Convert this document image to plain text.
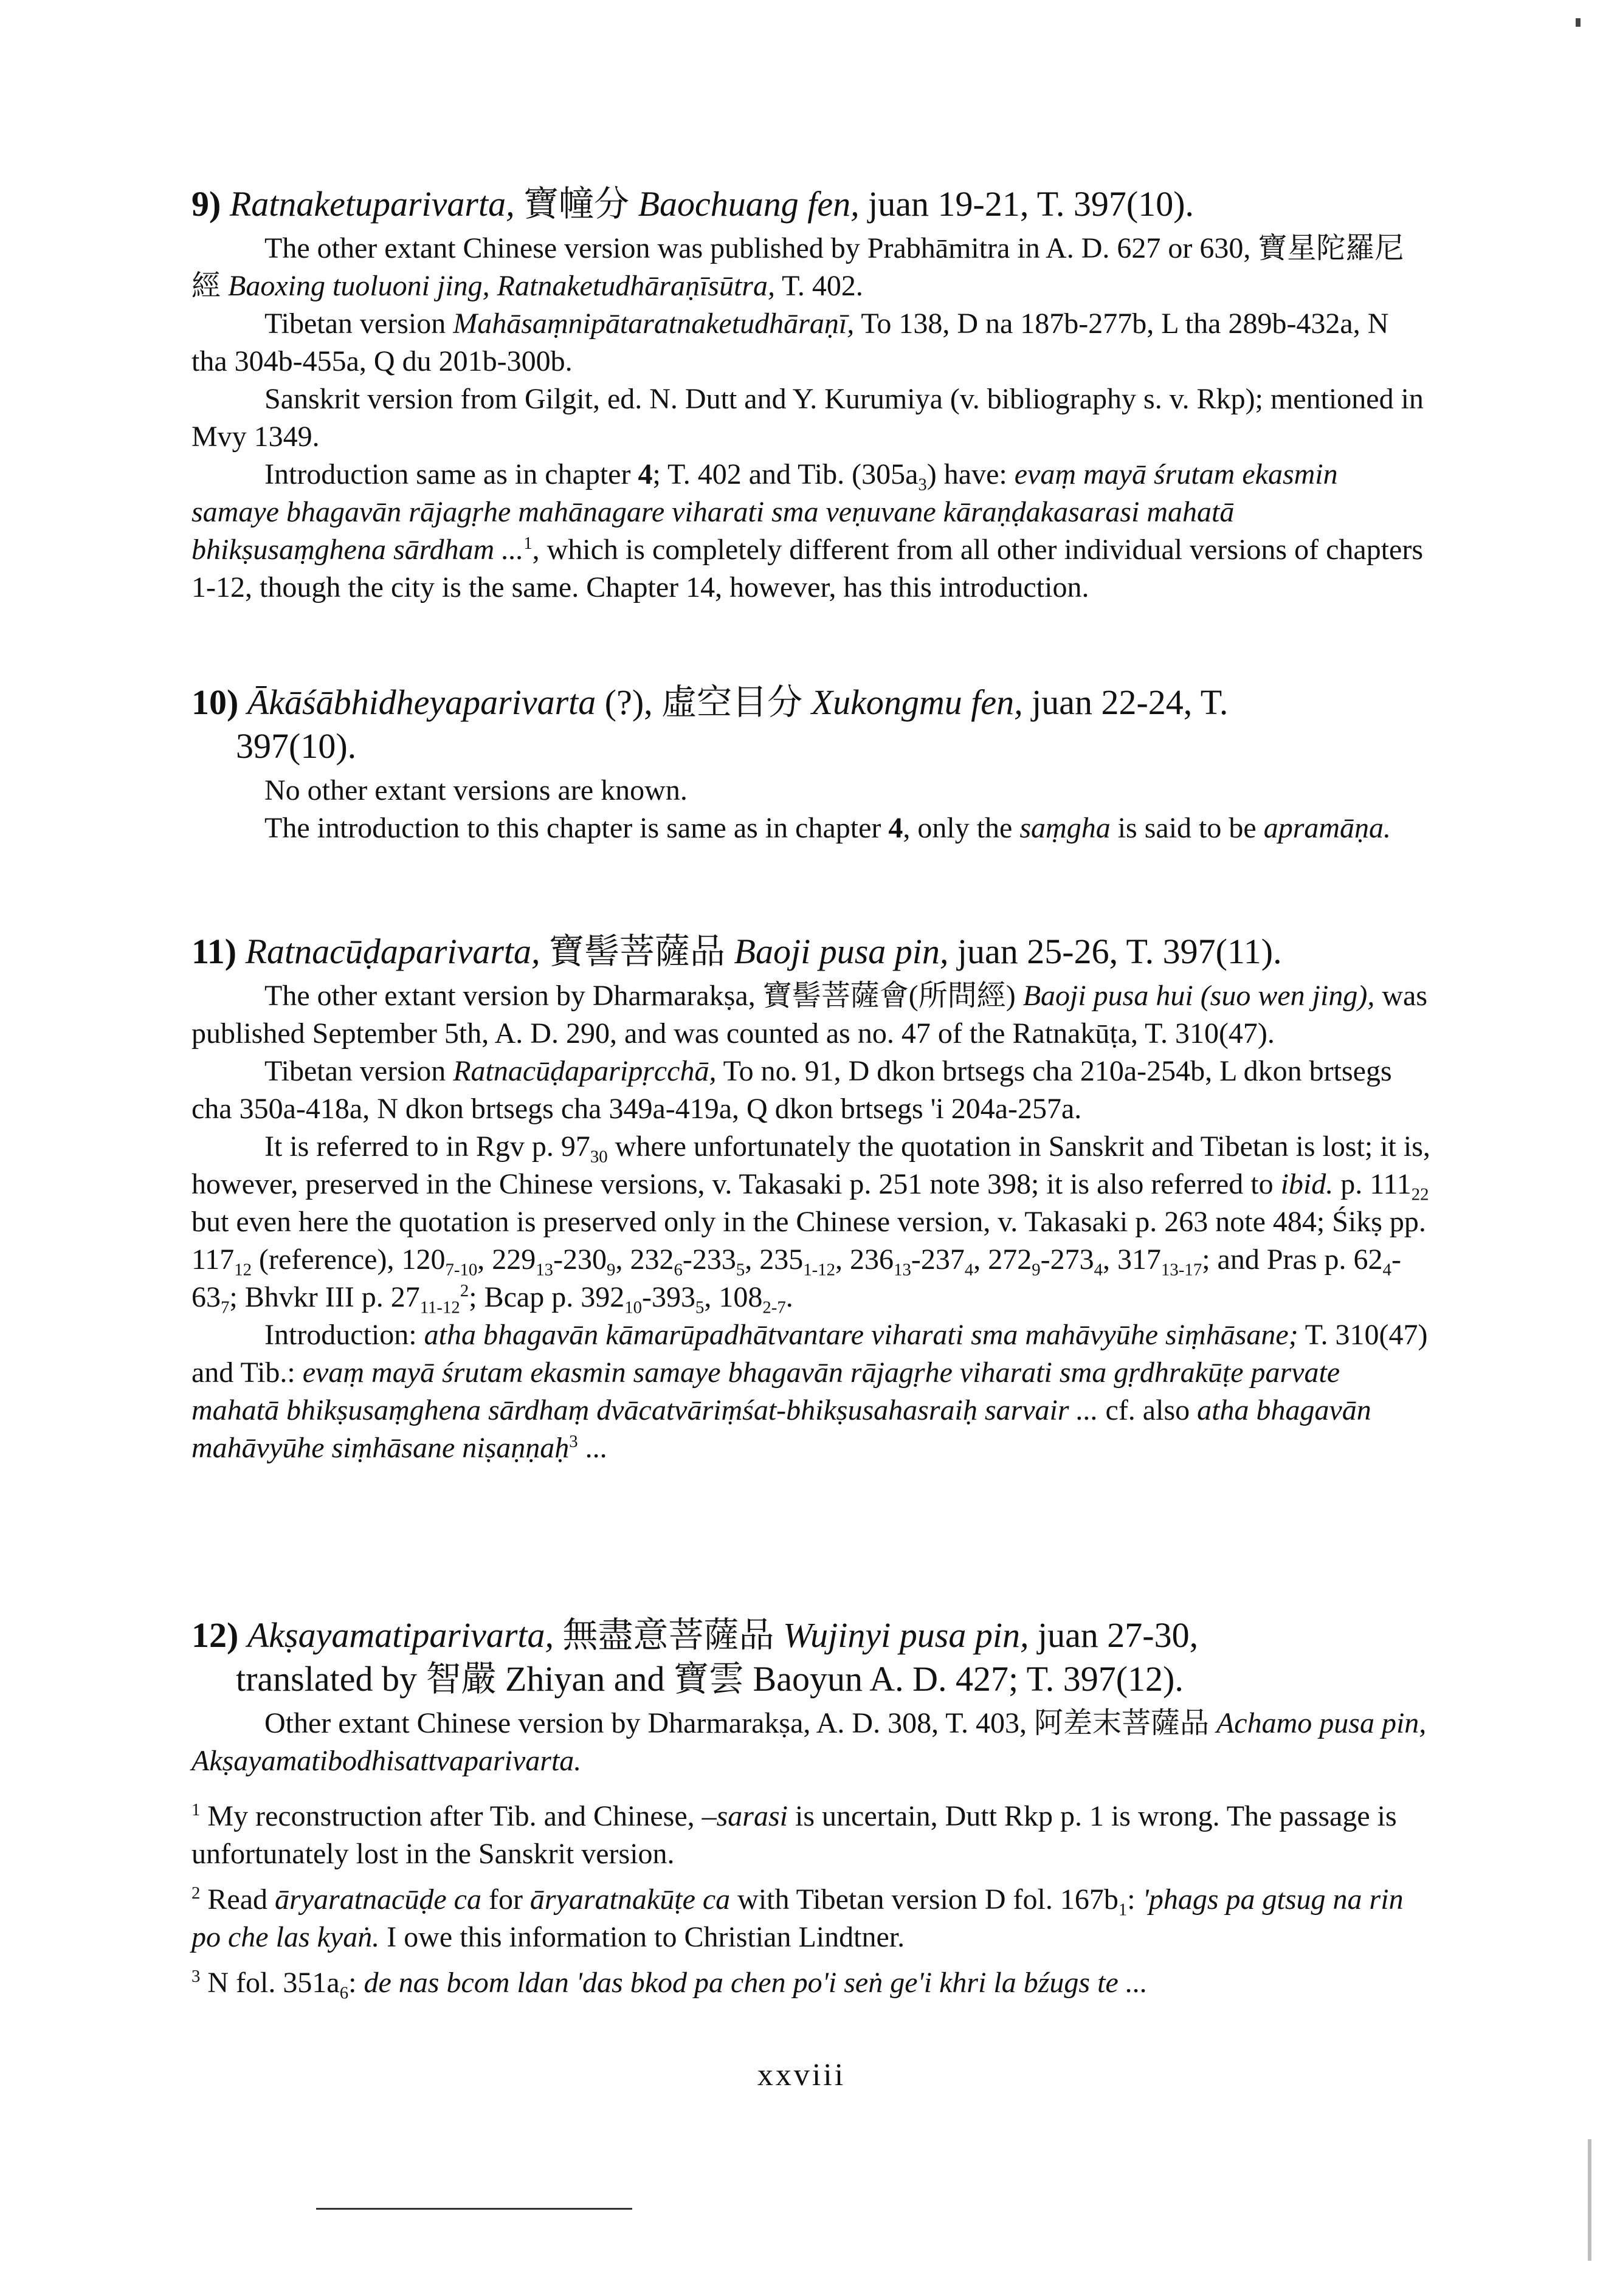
9) Ratnaketuparivarta, 寶幢分 Baochuang fen, juan 19-21, T. 397(10).

The other extant Chinese version was published by Prabhāmitra in A. D. 627 or 630, 寶星陀羅尼經 Baoxing tuoluoni jing, Ratnaketudhāraṇīsūtra, T. 402.

Tibetan version Mahāsaṃnipātaratnaketudhāraṇī, To 138, D na 187b-277b, L tha 289b-432a, N tha 304b-455a, Q du 201b-300b.

Sanskrit version from Gilgit, ed. N. Dutt and Y. Kurumiya (v. bibliography s. v. Rkp); mentioned in Mvy 1349.

Introduction same as in chapter 4; T. 402 and Tib. $(305a_3)$ have: evaṃ mayā śrutam ekasmin samaye bhagavān rājagṛhe mahānagare viharati sma veṇuvane kāraṇḍakasarasi mahatā bhikṣusaṃghena sārdham ...$^1$, which is completely different from all other individual versions of chapters 1-12, though the city is the same. Chapter 14, however, has this introduction.

10) Ākāśābhidheyaparivarta (?), 虛空目分 Xukongmu fen, juan 22-24, T.
397(10).

No other extant versions are known.

The introduction to this chapter is same as in chapter 4, only the saṃgha is said to be apramāṇa.

11) Ratnacūḍaparivarta, 寶髻菩薩品 Baoji pusa pin, juan 25-26, T. 397(11).

The other extant version by Dharmarakṣa, 寶髻菩薩會(所問經) Baoji pusa hui (suo wen jing), was published September 5th, A. D. 290, and was counted as no. 47 of the Ratnakūṭa, T. 310(47).

Tibetan version Ratnacūḍaparipṛcchā, To no. 91, D dkon brtsegs cha 210a-254b, L dkon brtsegs cha 350a-418a, N dkon brtsegs cha 349a-419a, Q dkon brtsegs 'i 204a-257a.

It is referred to in Rgv p. $97_{30}$ where unfortunately the quotation in Sanskrit and Tibetan is lost; it is, however, preserved in the Chinese versions, v. Takasaki p. 251 note 398; it is also referred to ibid. p. $111_{22}$ but even here the quotation is preserved only in the Chinese version, v. Takasaki p. 263 note 484; Śikṣ pp. $117_{12}$ (reference), $120_{7-10}$, $229_{13}-230_9$, $232_6-233_5$, $235_{1-12}$, $236_{13}-237_4$, $272_9-273_4$, $317_{13-17}$; and Pras p. $62_4-63_7$; Bhvkr III p. $27_{11-12}^2$; Bcap p. $392_{10}-393_5$, $108_{2-7}$.

Introduction: atha bhagavān kāmarūpadhātvantare viharati sma mahāvyūhe siṃhāsane; T. 310(47) and Tib.: evaṃ mayā śrutam ekasmin samaye bhagavān rājagṛhe viharati sma gṛdhrakūṭe parvate mahatā bhikṣusaṃghena sārdhaṃ dvācatvāriṃśat-bhikṣusahasraiḥ sarvair ... cf. also atha bhagavān mahāvyūhe siṃhāsane niṣaṇṇaḥ$^3$ ...

12) Akṣayamatiparivarta, 無盡意菩薩品 Wujinyi pusa pin, juan 27-30,
translated by 智嚴 Zhiyan and 寶雲 Baoyun A. D. 427; T. 397(12).

Other extant Chinese version by Dharmarakṣa, A. D. 308, T. 403, 阿差末菩薩品 Achamo pusa pin, Akṣayamatibodhisattvaparivarta.

$^1$ My reconstruction after Tib. and Chinese, –sarasi is uncertain, Dutt Rkp p. 1 is wrong. The passage is unfortunately lost in the Sanskrit version.

$^2$ Read āryaratnacūḍe ca for āryaratnakūṭe ca with Tibetan version D fol. $167b_1$: 'phags pa gtsug na rin po che las kyaṅ. I owe this information to Christian Lindtner.

$^3$ N fol. $351a_6$: de nas bcom ldan 'das bkod pa chen po'i seṅ ge'i khri la bźugs te ...

xxviii
